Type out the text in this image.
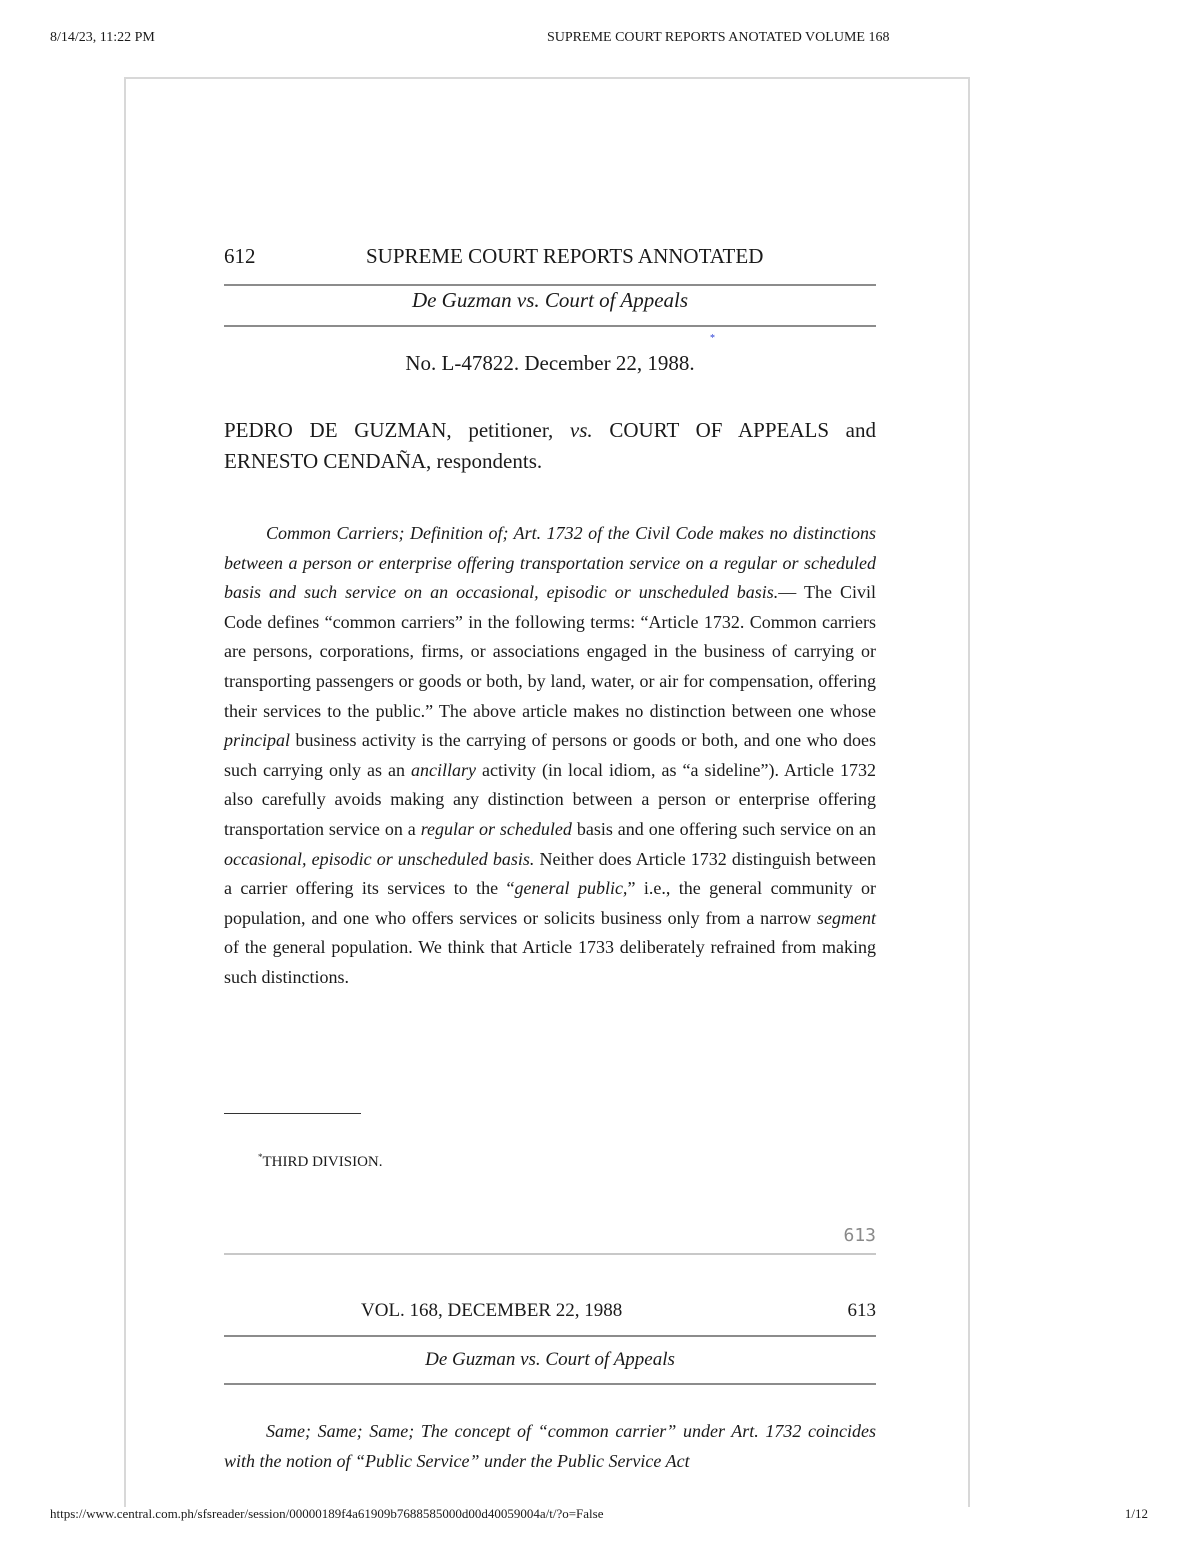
8/14/23, 11:22 PM	SUPREME COURT REPORTS ANOTATED VOLUME 168
612	SUPREME COURT REPORTS ANNOTATED
De Guzman vs. Court of Appeals
*
No. L-47822. December 22, 1988.
PEDRO DE GUZMAN, petitioner, vs. COURT OF APPEALS and ERNESTO CENDAÑA, respondents.

Common Carriers; Definition of; Art. 1732 of the Civil Code makes no distinctions between a person or enterprise offering transportation service on a regular or scheduled basis and such service on an occasional, episodic or unscheduled basis.— The Civil Code defines “common carriers” in the following terms: “Article 1732. Common carriers are persons, corporations, firms, or associations engaged in the business of carrying or transporting passengers or goods or both, by land, water, or air for compensation, offering their services to the public.” The above article makes no distinction between one whose principal business activity is the carrying of persons or goods or both, and one who does such carrying only as an ancillary activity (in local idiom, as “a sideline”). Article 1732 also carefully avoids making any distinction between a person or enterprise offering transportation service on a regular or scheduled basis and one offering such service on an occasional, episodic or unscheduled basis. Neither does Article 1732 distinguish between a carrier offering its services to the “general public,” i.e., the general community or population, and one who offers services or solicits business only from a narrow segment of the general population. We think that Article 1733 deliberately refrained from making such distinctions.

*THIRD DIVISION.
613
VOL. 168, DECEMBER 22, 1988	613
De Guzman vs. Court of Appeals

Same; Same; Same; The concept of “common carrier” under Art. 1732 coincides with the notion of “Public Service” under the Public Service Act

https://www.central.com.ph/sfsreader/session/00000189f4a61909b7688585000d00d40059004a/t/?o=False	1/12
